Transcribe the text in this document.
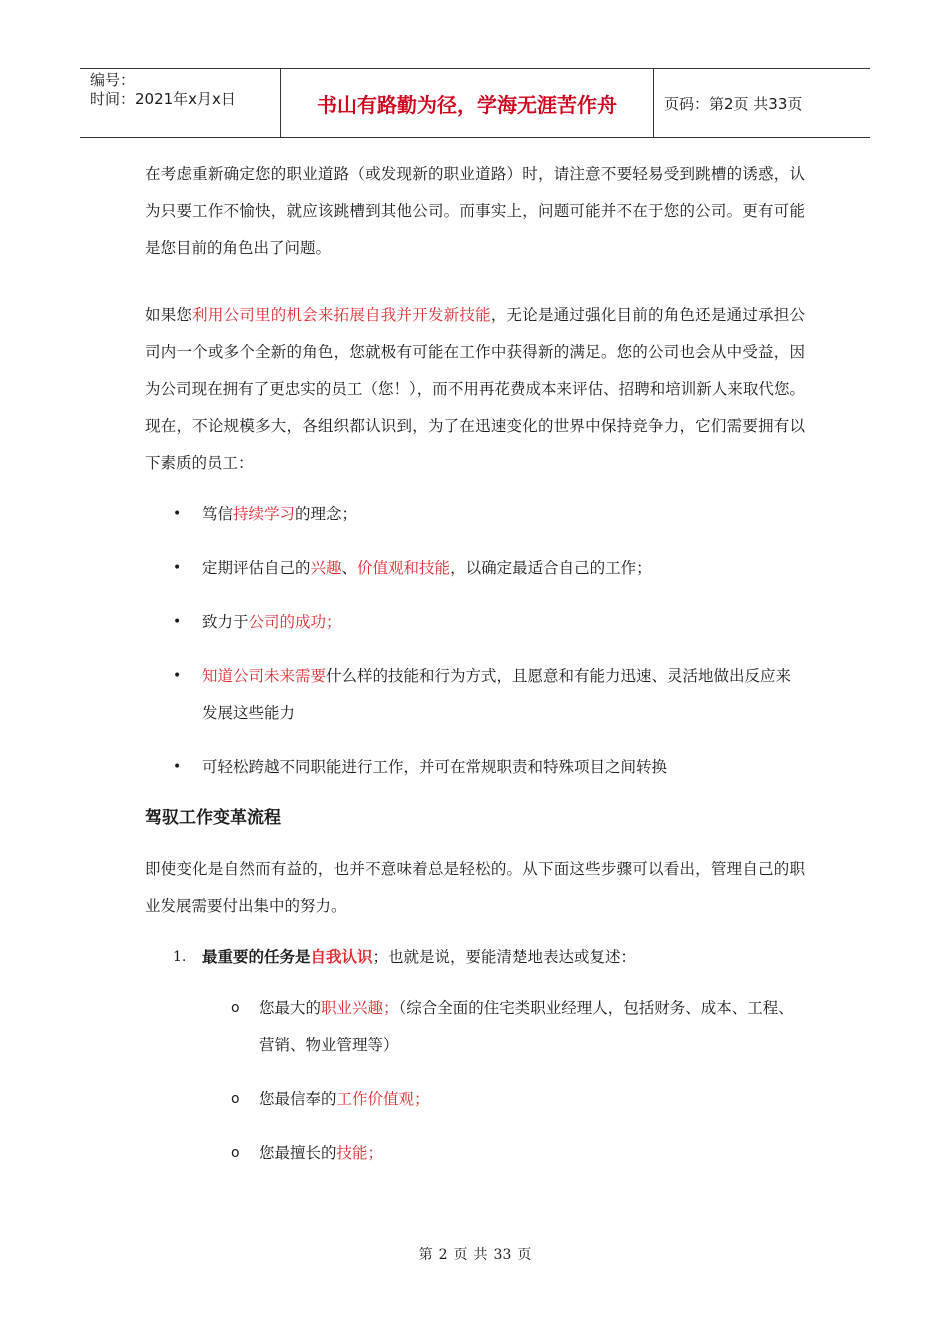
编号：
时间：2021年x月x日	书山有路勤为径，学海无涯苦作舟	页码：第2页 共33页

在考虑重新确定您的职业道路（或发现新的职业道路）时，请注意不要轻易受到跳槽的诱惑，认为只要工作不愉快，就应该跳槽到其他公司。而事实上，问题可能并不在于您的公司。更有可能是您目前的角色出了问题。

如果您利用公司里的机会来拓展自我并开发新技能，无论是通过强化目前的角色还是通过承担公司内一个或多个全新的角色，您就极有可能在工作中获得新的满足。您的公司也会从中受益，因为公司现在拥有了更忠实的员工（您！），而不用再花费成本来评估、招聘和培训新人来取代您。现在，不论规模多大，各组织都认识到，为了在迅速变化的世界中保持竞争力，它们需要拥有以下素质的员工：

• 笃信持续学习的理念；
• 定期评估自己的兴趣、价值观和技能，以确定最适合自己的工作；
• 致力于公司的成功；
• 知道公司未来需要什么样的技能和行为方式，且愿意和有能力迅速、灵活地做出反应来发展这些能力
• 可轻松跨越不同职能进行工作，并可在常规职责和特殊项目之间转换
驾驭工作变革流程

即使变化是自然而有益的，也并不意味着总是轻松的。从下面这些步骤可以看出，管理自己的职业发展需要付出集中的努力。

1. 最重要的任务是自我认识；也就是说，要能清楚地表达或复述：
o 您最大的职业兴趣；（综合全面的住宅类职业经理人，包括财务、成本、工程、营销、物业管理等）
o 您最信奉的工作价值观；
o 您最擅长的技能；
第 2 页 共 33 页
